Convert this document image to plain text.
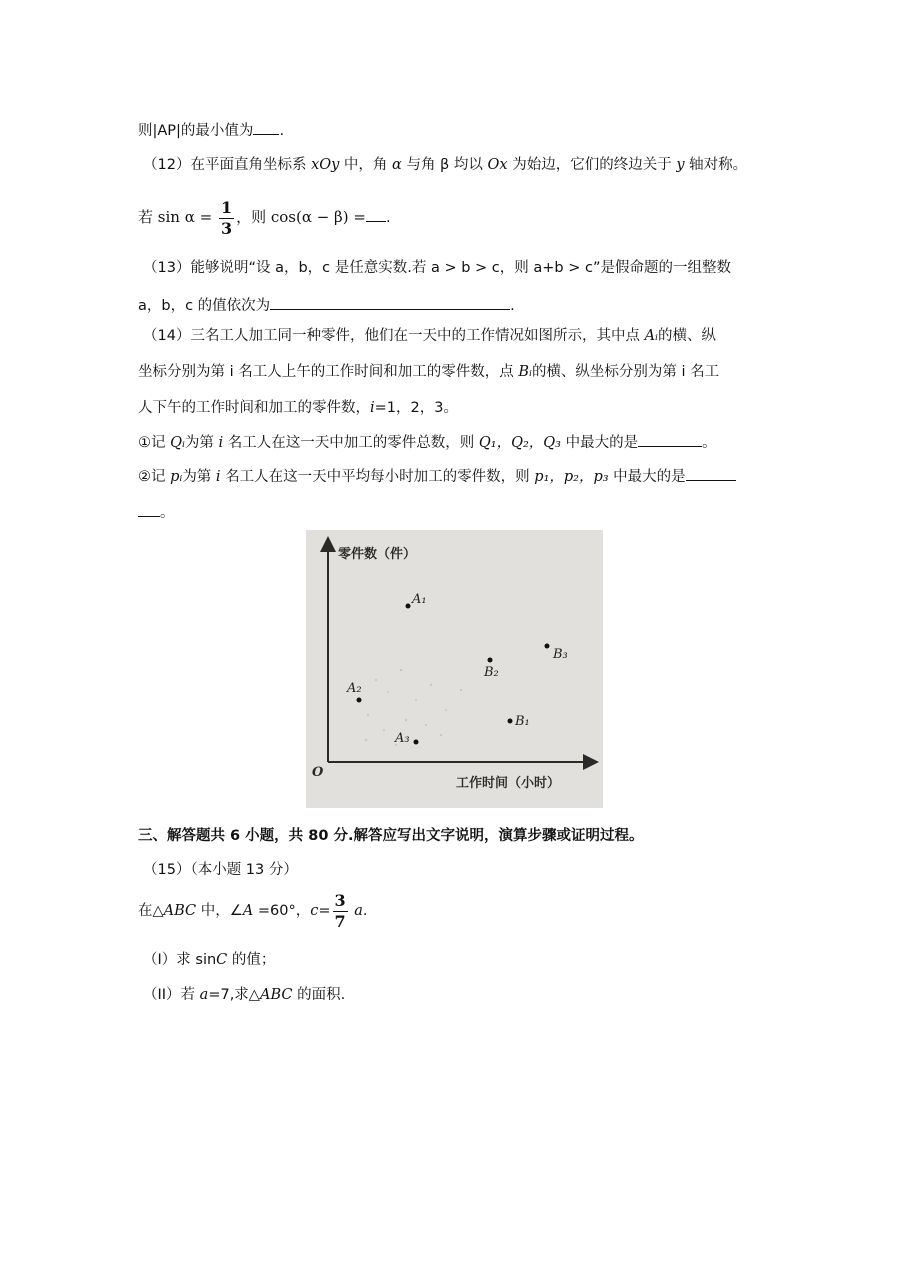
则|AP|的最小值为 .
（12）在平面直角坐标系 xOy 中，角 α 与角 β 均以 Ox 为始边，它们的终边关于 y 轴对称。
若 $\sin \alpha = \frac{1}{3}$ ，则 cos(α − β) = .
（13）能够说明“设 a，b，c 是任意实数.若 a > b > c，则 a+b > c”是假命题的一组整数
a，b，c 的值依次为	.
（14）三名工人加工同一种零件，他们在一天中的工作情况如图所示，其中点 Aᵢ的横、纵
坐标分别为第 i 名工人上午的工作时间和加工的零件数，点 Bᵢ的横、纵坐标分别为第 i 名工
人下午的工作时间和加工的零件数，i=1，2，3。
①记 Qᵢ为第 i 名工人在这一天中加工的零件总数，则 Q₁，Q₂，Q₃ 中最大的是	。
②记 pᵢ为第 i 名工人在这一天中平均每小时加工的零件数，则 p₁，p₂，p₃ 中最大的是
。
零件数（件）
工作时间（小时）
O
A₁
A₂
A₃
B₁
B₂
B₃
三、解答题共 6 小题，共 80 分.解答应写出文字说明，演算步骤或证明过程。
（15）（本小题 13 分）
在△ABC 中，∠A =60°，$c= \frac{3}{7} a$.
（I）求 sinC 的值；
（II）若 a=7,求△ABC 的面积.
